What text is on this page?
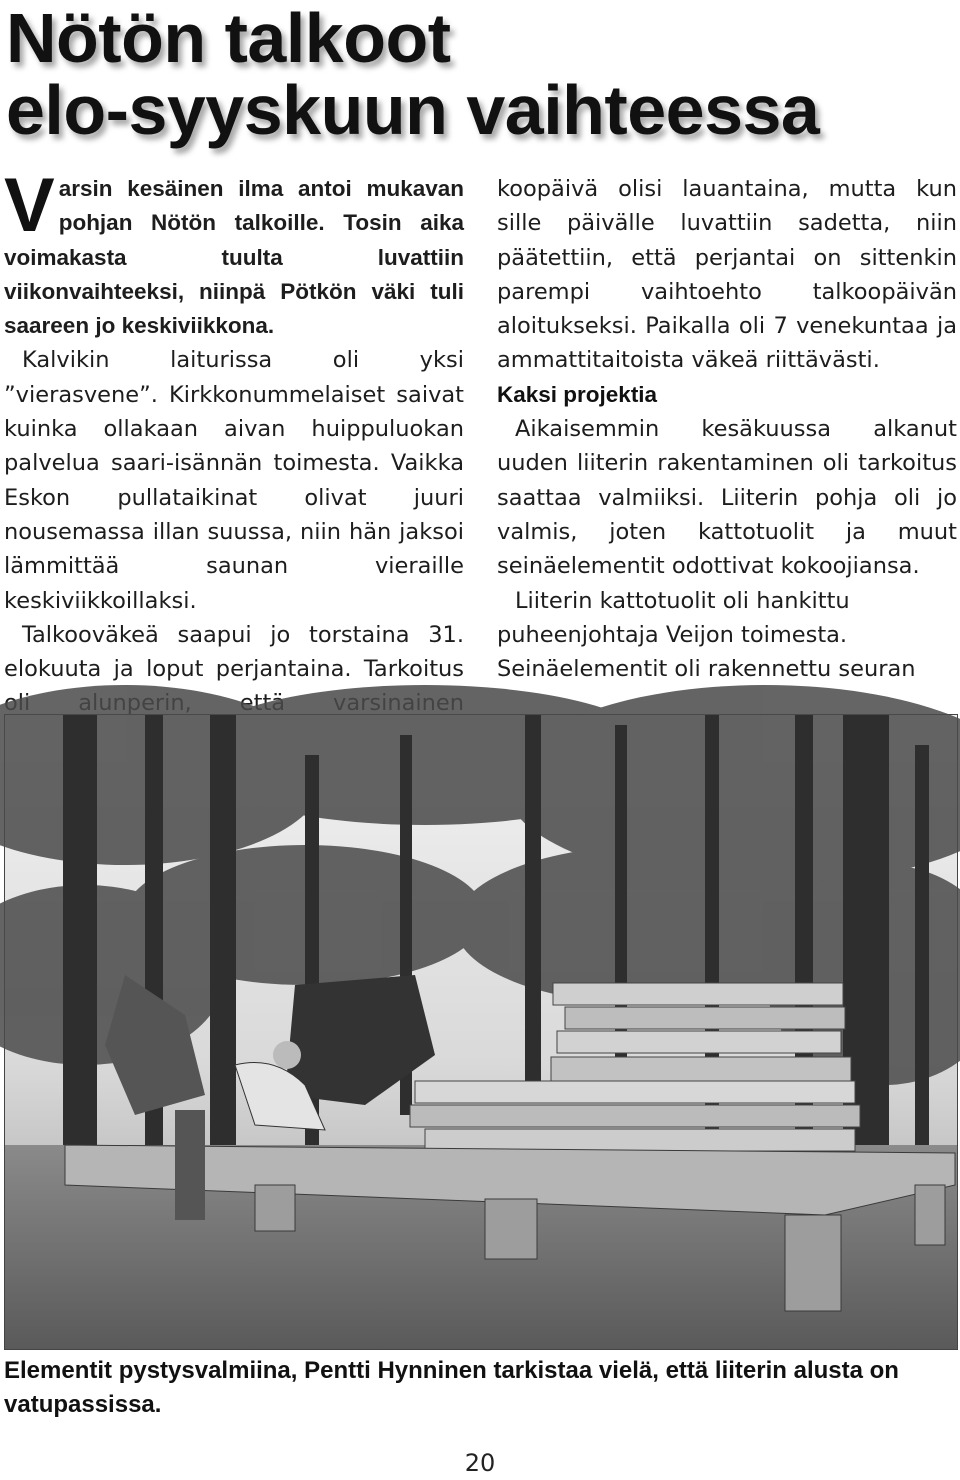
Nötön talkoot
elo-syyskuun vaihteessa

Varsin kesäinen ilma antoi mukavan pohjan Nötön talkoille. Tosin aika voimakasta tuulta luvattiin viikonvaihteeksi, niinpä Pötkön väki tuli saareen jo keskiviikkona.

Kalvikin laiturissa oli yksi ”vierasvene”. Kirkkonummelaiset saivat kuinka ollakaan aivan huippuluokan palvelua saari-isännän toimesta. Vaikka Eskon pullataikinat olivat juuri nousemassa illan suussa, niin hän jaksoi lämmittää saunan vieraille keskiviikkoillaksi.

Talkooväkeä saapui jo torstaina 31. elokuuta ja loput perjantaina. Tarkoitus että

koopäivä olisi lauantaina, mutta kun sille päivälle luvattiin sadetta, niin päätettiin, että perjantai on sittenkin parempi vaihtoehto talkoopäivän aloitukseksi. Paikalla oli 7 venekuntaa ja ammattitaitoista väkeä riittävästi.

Kaksi projektia

Aikaisemmin kesäkuussa alkanut uuden liiterin rakentaminen oli tarkoitus saattaa valmiiksi. Liiterin pohja oli jo valmis, joten kattotuolit ja muut seinäelementit odottivat kokoojiansa.

Liiterin kattotuolit oli hankittu puheenjohtaja Veijon toimesta. Seinäelementit oli rakennettu seuran

Elementit pystysvalmiina, Pentti Hynninen tarkistaa vielä, että liiterin alusta on vatupassissa.

20
